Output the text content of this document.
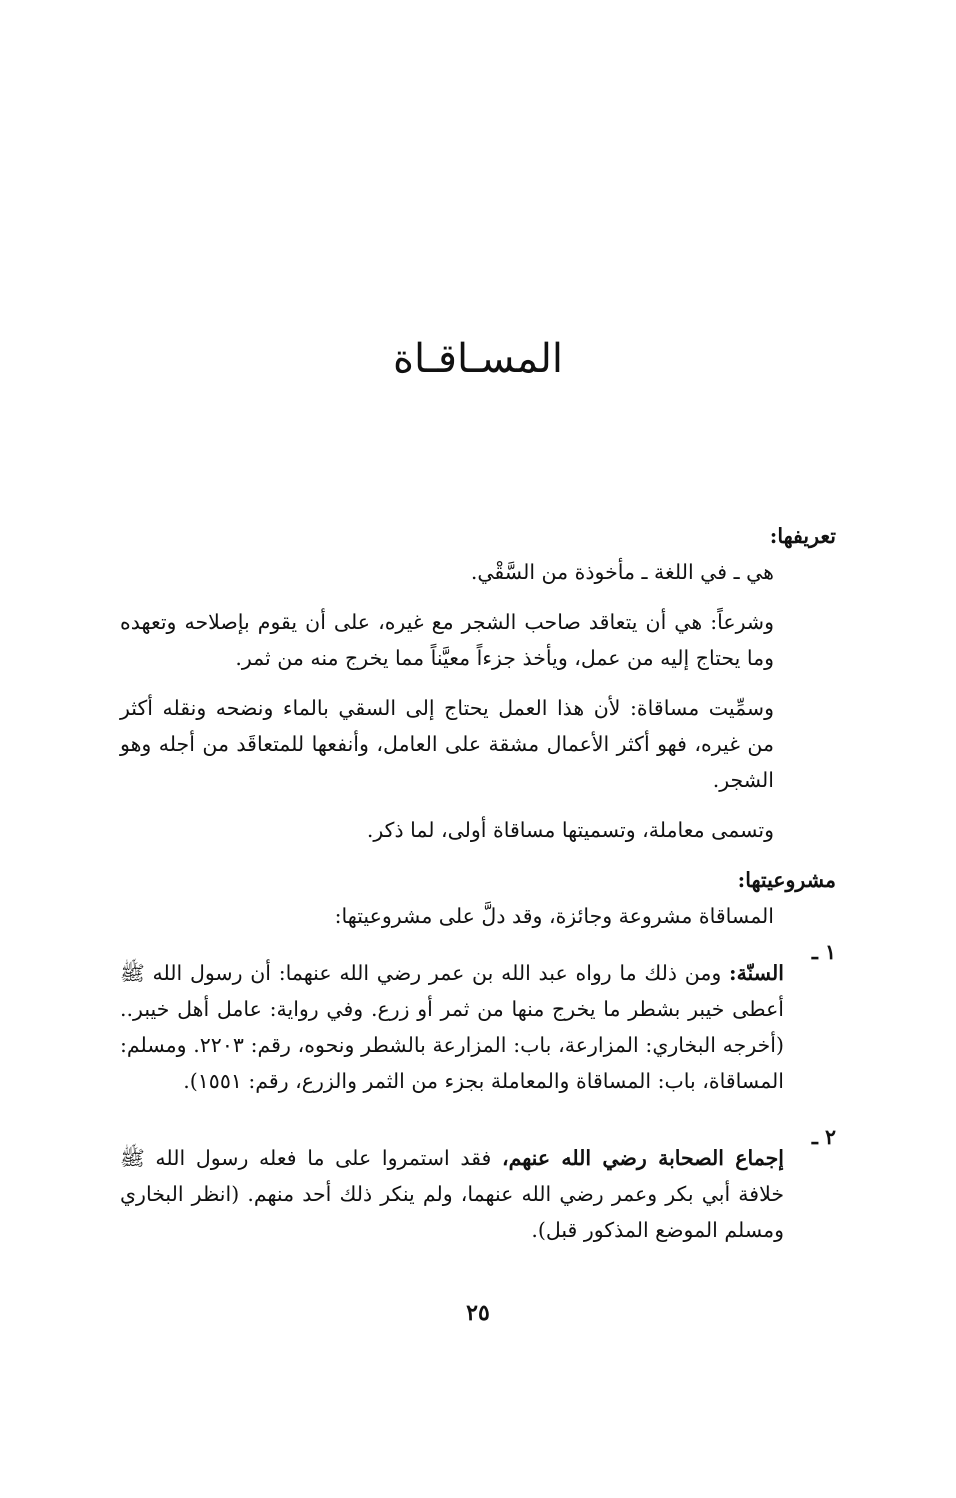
المسـاقـاة

تعريفها:

هي ـ في اللغة ـ مأخوذة من السَّقْي.

وشرعاً: هي أن يتعاقد صاحب الشجر مع غيره، على أن يقوم بإصلاحه وتعهده وما يحتاج إليه من عمل، ويأخذ جزءاً معيَّناً مما يخرج منه من ثمر.

وسمِّيت مساقاة: لأن هذا العمل يحتاج إلى السقي بالماء ونضحه ونقله أكثر من غيره، فهو أكثر الأعمال مشقة على العامل، وأنفعها للمتعاقَد من أجله وهو الشجر.

وتسمى معاملة، وتسميتها مساقاة أولى، لما ذكر.

مشروعيتها:

المساقاة مشروعة وجائزة، وقد دلَّ على مشروعيتها:

١ ـ

السنّة: ومن ذلك ما رواه عبد الله بن عمر رضي الله عنهما: أن رسول الله ﷺ أعطى خيبر بشطر ما يخرج منها من ثمر أو زرع. وفي رواية: عامل أهل خيبر.. (أخرجه البخاري: المزارعة، باب: المزارعة بالشطر ونحوه، رقم: ٢٢٠٣. ومسلم: المساقاة، باب: المساقاة والمعاملة بجزء من الثمر والزرع، رقم: ١٥٥١).

٢ ـ

إجماع الصحابة رضي الله عنهم، فقد استمروا على ما فعله رسول الله ﷺ خلافة أبي بكر وعمر رضي الله عنهما، ولم ينكر ذلك أحد منهم. (انظر البخاري ومسلم الموضع المذكور قبل).

٢٥
